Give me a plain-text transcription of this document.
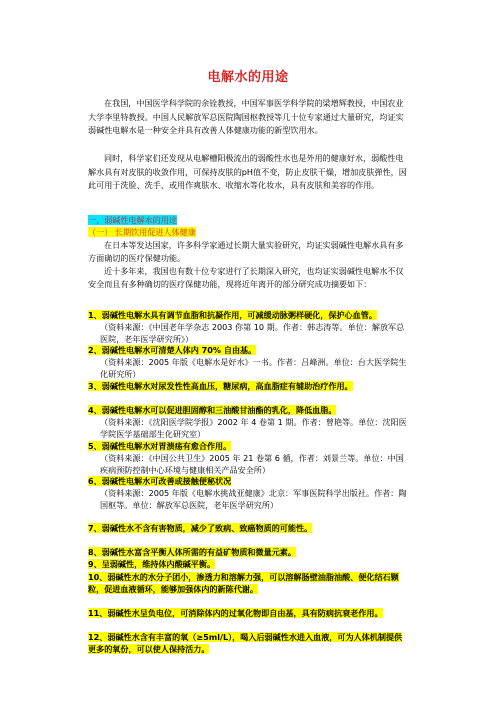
电解水的用途
在我国，中国医学科学院的余铨教授，中国军事医学科学院的梁增辉教授，中国农业大学李里特教授。中国人民解放军总医院陶国枢教授等几十位专家通过大量研究，均证实弱碱性电解水是一种安全并具有改善人体健康功能的新型饮用水。
同时，科学家们还发现从电解槽阳极流出的弱酸性水也是外用的健康好水，弱酸性电解水具有对皮肤的收敛作用，可保持皮肤的pH值不变，防止皮肤干燥，增加皮肤弹性，因此可用于洗脸、洗手、或用作爽肤水、收缩水等化妆水，具有皮肤和美容的作用。
一、弱碱性电解水的用途
（一） 长期饮用促进人体健康
在日本等发达国家，许多科学家通过长期大量实验研究，均证实弱碱性电解水具有多方面确切的医疗保健功能。
近十多年来，我国也有数十位专家进行了长期深入研究，也均证实弱碱性电解水不仅安全而且有多种确切的医疗保健功能，现将近年离开的部分研究成功摘要如下：
1、弱碱性电解水具有调节血脂和抗凝作用，可减缓动脉粥样硬化，保护心血管。
（资料来源：《中国老年学杂志 2003 你第 10 期。作者：韩志涛等。单位：解放军总医院，老年医学研究所》）
2、弱碱性电解水可清楚人体内 70% 自由基。
（资料来源：2005 年版《电解水是好水》一书。作者：吕峰洲。单位：台大医学院生化研究所）
3、弱碱性电解水对尿发性性高血压，糖尿病，高血脂症有辅助治疗作用。
4、弱碱性电解水可以促进胆固醇和三油酸甘油酯的乳化，降低血脂。
（资料来源：《沈阳医学院学报》2002 年 4 卷第 1 期。作者：曾艳等。单位：沈阳医学院医学基础部生化研究室）
5、弱碱性电解水对胃溃疡有愈合作用。
（资料来源：《中国公共卫生》2005 年 21 卷第 6 循，作者：刘景兰等。单位：中国疾病预防控制中心环境与健康相关产品安全所）
6、弱碱性电解水可改善或接触便秘状况
（资料来源：2005 年版《电解水挑战亚健康》北京：军事医院科学出版社。作者：陶国枢等。单位：解放军总医院，老年医学研究所）
7、弱碱性水不含有害物质，减少了致病、致癌物质的可能性。
8、弱碱性水富含平衡人体所需的有益矿物质和微量元素。
9、呈弱碱性，维持体内酸碱平衡。
10、弱碱性水的水分子团小，渗透力和溶解力强，可以溶解肠壁油脂油酸、便化结石颗粒，促进血液循环，能够加强体内的新陈代谢。
11、弱碱性水呈负电位，可消除体内的过氧化物即自由基，具有防病抗衰老作用。
12、弱碱性水含有丰富的氧（≥5ml/L），喝入后弱碱性水进入血液，可为人体机制提供更多的氧份，可以使人保持活力。
